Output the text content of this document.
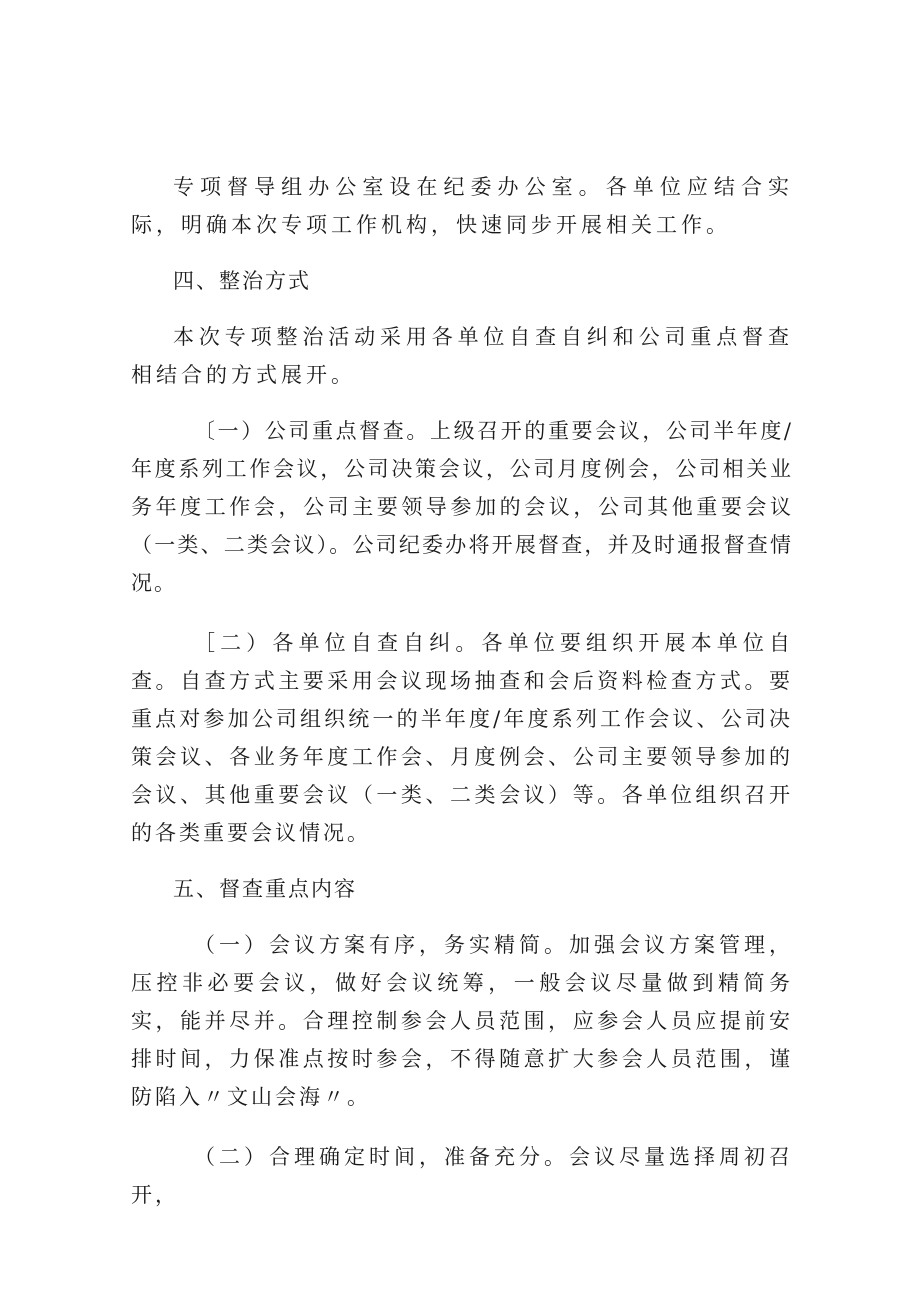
专项督导组办公室设在纪委办公室。各单位应结合实际，明确本次专项工作机构，快速同步开展相关工作。

四、整治方式

本次专项整治活动采用各单位自查自纠和公司重点督查相结合的方式展开。

〔一）公司重点督查。上级召开的重要会议，公司半年度/年度系列工作会议，公司决策会议，公司月度例会，公司相关业务年度工作会，公司主要领导参加的会议，公司其他重要会议（一类、二类会议）。公司纪委办将开展督查，并及时通报督查情况。

［二）各单位自查自纠。各单位要组织开展本单位自查。自查方式主要采用会议现场抽查和会后资料检查方式。要重点对参加公司组织统一的半年度/年度系列工作会议、公司决策会议、各业务年度工作会、月度例会、公司主要领导参加的会议、其他重要会议（一类、二类会议）等。各单位组织召开的各类重要会议情况。

五、督查重点内容

（一）会议方案有序，务实精简。加强会议方案管理，压控非必要会议，做好会议统筹，一般会议尽量做到精简务实，能并尽并。合理控制参会人员范围，应参会人员应提前安排时间，力保准点按时参会，不得随意扩大参会人员范围，谨防陷入〃文山会海〃。

（二）合理确定时间，准备充分。会议尽量选择周初召开，
